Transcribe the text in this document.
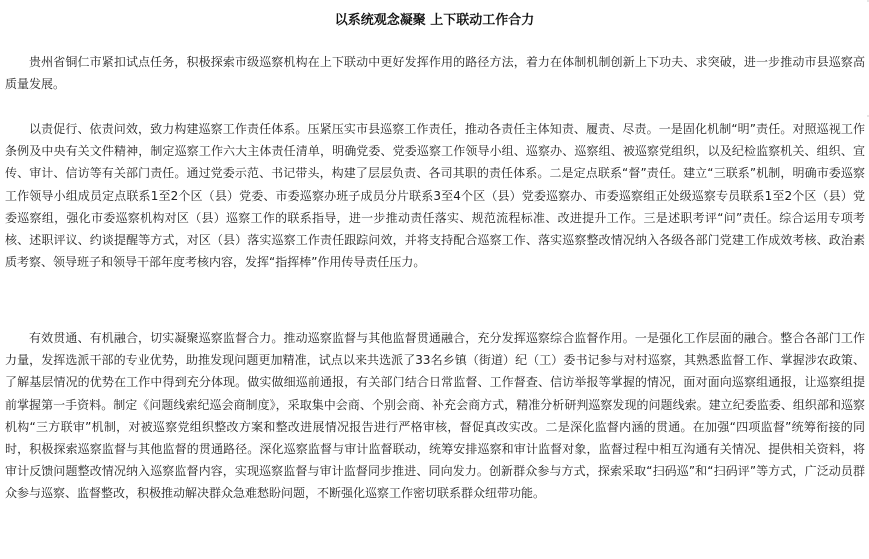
以系统观念凝聚 上下联动工作合力

贵州省铜仁市紧扣试点任务，积极探索市级巡察机构在上下联动中更好发挥作用的路径方法，着力在体制机制创新上下功夫、求突破，进一步推动市县巡察高质量发展。

以责促行、依责问效，致力构建巡察工作责任体系。压紧压实市县巡察工作责任，推动各责任主体知责、履责、尽责。一是固化机制“明”责任。对照巡视工作条例及中央有关文件精神，制定巡察工作六大主体责任清单，明确党委、党委巡察工作领导小组、巡察办、巡察组、被巡察党组织，以及纪检监察机关、组织、宣传、审计、信访等有关部门责任。通过党委示范、书记带头，构建了层层负责、各司其职的责任体系。二是定点联系“督”责任。建立“三联系”机制，明确市委巡察工作领导小组成员定点联系1至2个区（县）党委、市委巡察办班子成员分片联系3至4个区（县）党委巡察办、市委巡察组正处级巡察专员联系1至2个区（县）党委巡察组，强化市委巡察机构对区（县）巡察工作的联系指导，进一步推动责任落实、规范流程标准、改进提升工作。三是述职考评“问”责任。综合运用专项考核、述职评议、约谈提醒等方式，对区（县）落实巡察工作责任跟踪问效，并将支持配合巡察工作、落实巡察整改情况纳入各级各部门党建工作成效考核、政治素质考察、领导班子和领导干部年度考核内容，发挥“指挥棒”作用传导责任压力。

有效贯通、有机融合，切实凝聚巡察监督合力。推动巡察监督与其他监督贯通融合，充分发挥巡察综合监督作用。一是强化工作层面的融合。整合各部门工作力量，发挥选派干部的专业优势，助推发现问题更加精准，试点以来共选派了33名乡镇（街道）纪（工）委书记参与对村巡察，其熟悉监督工作、掌握涉农政策、了解基层情况的优势在工作中得到充分体现。做实做细巡前通报，有关部门结合日常监督、工作督查、信访举报等掌握的情况，面对面向巡察组通报，让巡察组提前掌握第一手资料。制定《问题线索纪巡会商制度》，采取集中会商、个别会商、补充会商方式，精准分析研判巡察发现的问题线索。建立纪委监委、组织部和巡察机构“三方联审”机制，对被巡察党组织整改方案和整改进展情况报告进行严格审核，督促真改实改。二是深化监督内涵的贯通。在加强“四项监督”统筹衔接的同时，积极探索巡察监督与其他监督的贯通路径。深化巡察监督与审计监督联动，统筹安排巡察和审计监督对象，监督过程中相互沟通有关情况、提供相关资料，将审计反馈问题整改情况纳入巡察监督内容，实现巡察监督与审计监督同步推进、同向发力。创新群众参与方式，探索采取“扫码巡”和“扫码评”等方式，广泛动员群众参与巡察、监督整改，积极推动解决群众急难愁盼问题，不断强化巡察工作密切联系群众纽带功能。
